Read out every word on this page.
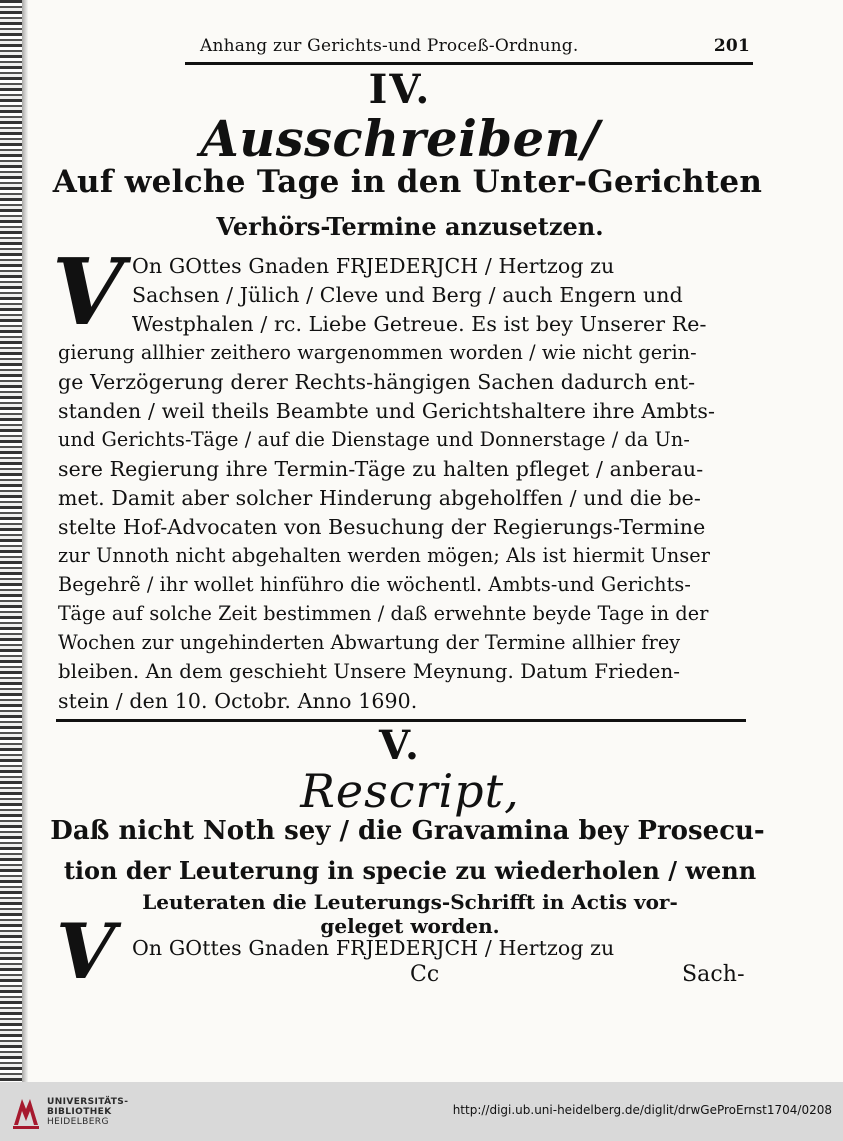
Anhang zur Gerichts-und Proceß-Ordnung.	201
IV.
Ausschreiben/
Auf welche Tage in den Unter-Gerichten
Verhörs-Termine anzusetzen.
V On GOttes Gnaden FRJEDERJCH / Hertzog zu
Sachsen / Jülich / Cleve und Berg / auch Engern und
Westphalen / rc. Liebe Getreue. Es ist bey Unserer Re-
gierung allhier zeithero wargenommen worden / wie nicht gerin-
ge Verzögerung derer Rechts-hängigen Sachen dadurch ent-
standen / weil theils Beambte und Gerichtshaltere ihre Ambts-
und Gerichts-Täge / auf die Dienstage und Donnerstage / da Un-
sere Regierung ihre Termin-Täge zu halten pfleget / anberau-
met. Damit aber solcher Hinderung abgeholffen / und die be-
stelte Hof-Advocaten von Besuchung der Regierungs-Termine
zur Unnoth nicht abgehalten werden mögen; Als ist hiermit Unser
Begehrẽ / ihr wollet hinführo die wöchentl. Ambts-und Gerichts-
Täge auf solche Zeit bestimmen / daß erwehnte beyde Tage in der
Wochen zur ungehinderten Abwartung der Termine allhier frey
bleiben. An dem geschieht Unsere Meynung. Datum Frieden-
stein / den 10. Octobr. Anno 1690.
V.
Rescript,
Daß nicht Noth sey / die Gravamina bey Prosecu-
tion der Leuterung in specie zu wiederholen / wenn
Leuteraten die Leuterungs-Schrifft in Actis vor-
geleget worden.
V On GOttes Gnaden FRJEDERJCH / Hertzog zu
Cc	Sach-
UNIVERSITÄTS-
BIBLIOTHEK
HEIDELBERG
http://digi.ub.uni-heidelberg.de/diglit/drwGeProErnst1704/0208
